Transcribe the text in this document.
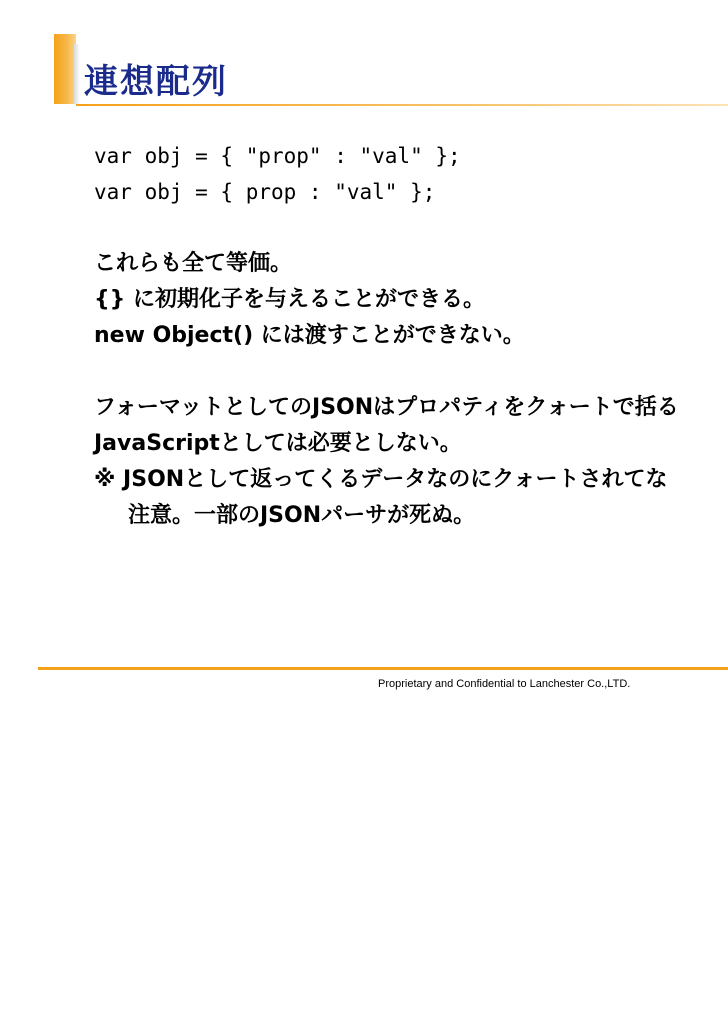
連想配列
var obj = { "prop" : "val" };
var obj = { prop : "val" };
これらも全て等価。
{} に初期化子を与えることができる。
new Object() には渡すことができない。
フォーマットとしてのJSONはプロパティをクォートで括る
JavaScriptとしては必要としない。
※ JSONとして返ってくるデータなのにクォートされてな
注意。一部のJSONパーサが死ぬ。
Proprietary and Confidential to Lanchester Co.,LTD.
